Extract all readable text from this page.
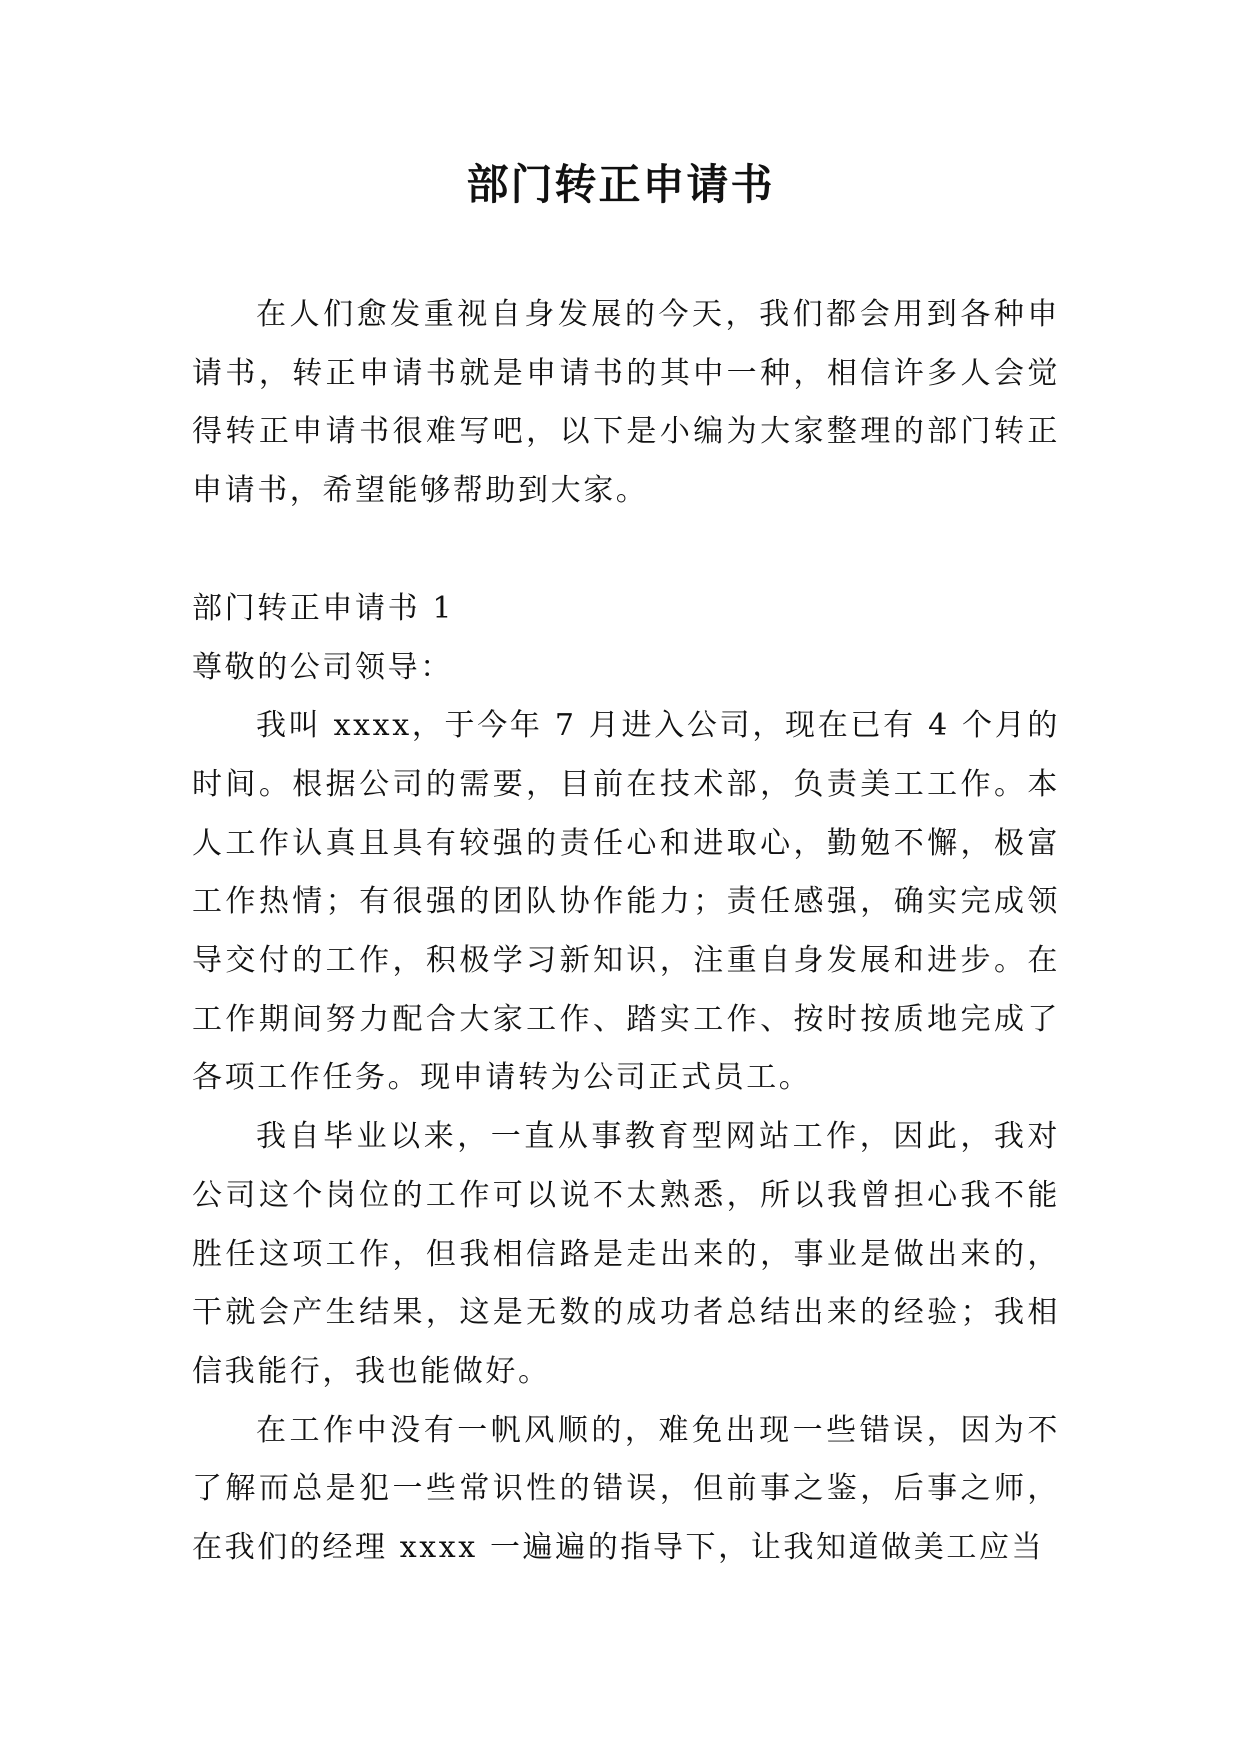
部门转正申请书

在人们愈发重视自身发展的今天，我们都会用到各种申请书，转正申请书就是申请书的其中一种，相信许多人会觉得转正申请书很难写吧，以下是小编为大家整理的部门转正申请书，希望能够帮助到大家。

部门转正申请书 1

尊敬的公司领导：

我叫 xxxx，于今年 7 月进入公司，现在已有 4 个月的时间。根据公司的需要，目前在技术部，负责美工工作。本人工作认真且具有较强的责任心和进取心，勤勉不懈，极富工作热情；有很强的团队协作能力；责任感强，确实完成领导交付的工作，积极学习新知识，注重自身发展和进步。在工作期间努力配合大家工作、踏实工作、按时按质地完成了各项工作任务。现申请转为公司正式员工。

我自毕业以来，一直从事教育型网站工作，因此，我对公司这个岗位的工作可以说不太熟悉，所以我曾担心我不能胜任这项工作，但我相信路是走出来的，事业是做出来的，干就会产生结果，这是无数的成功者总结出来的经验；我相信我能行，我也能做好。

在工作中没有一帆风顺的，难免出现一些错误，因为不了解而总是犯一些常识性的错误，但前事之鉴，后事之师，在我们的经理 xxxx 一遍遍的指导下，让我知道做美工应当
